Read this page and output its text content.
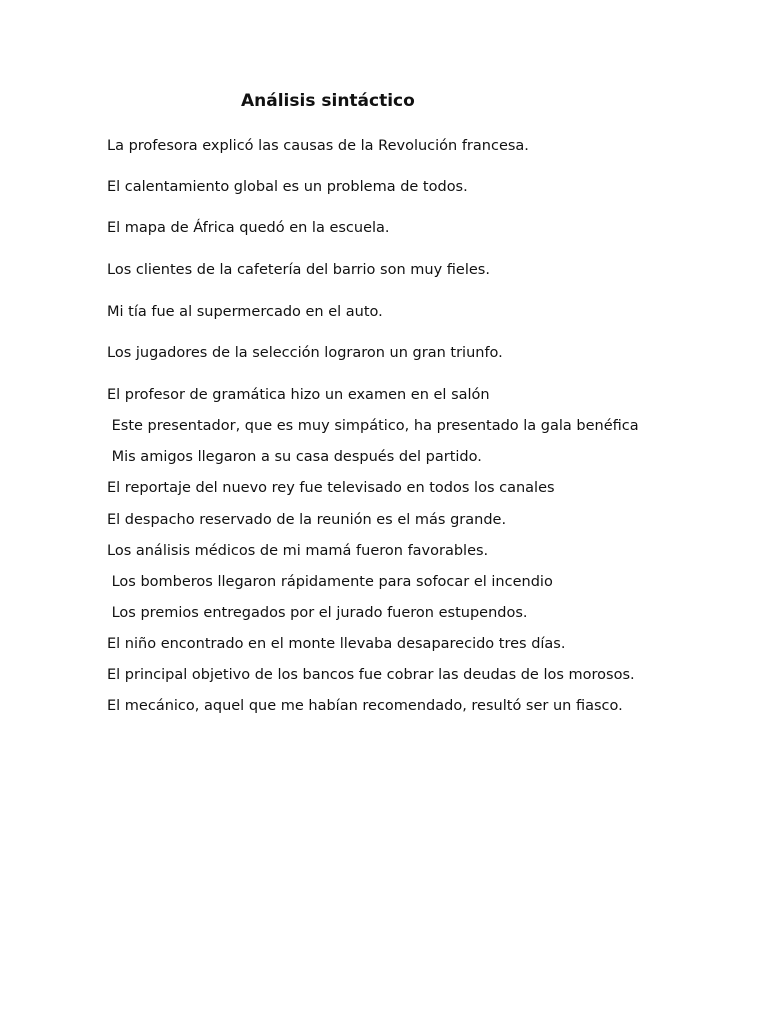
Análisis sintáctico

La profesora explicó las causas de la Revolución francesa.

El calentamiento global es un problema de todos.

El mapa de África quedó en la escuela.

Los clientes de la cafetería del barrio son muy fieles.

Mi tía fue al supermercado en el auto.

Los jugadores de la selección lograron un gran triunfo.

El profesor de gramática hizo un examen en el salón

Este presentador, que es muy simpático, ha presentado la gala benéfica

Mis amigos llegaron a su casa después del partido.

El reportaje del nuevo rey fue televisado en todos los canales

El despacho reservado de la reunión es el más grande.

Los análisis médicos de mi mamá fueron favorables.

Los bomberos llegaron rápidamente para sofocar el incendio

Los premios entregados por el jurado fueron estupendos.

El niño encontrado en el monte llevaba desaparecido tres días.

El principal objetivo de los bancos fue cobrar las deudas de los morosos.

El mecánico, aquel que me habían recomendado, resultó ser un fiasco.
